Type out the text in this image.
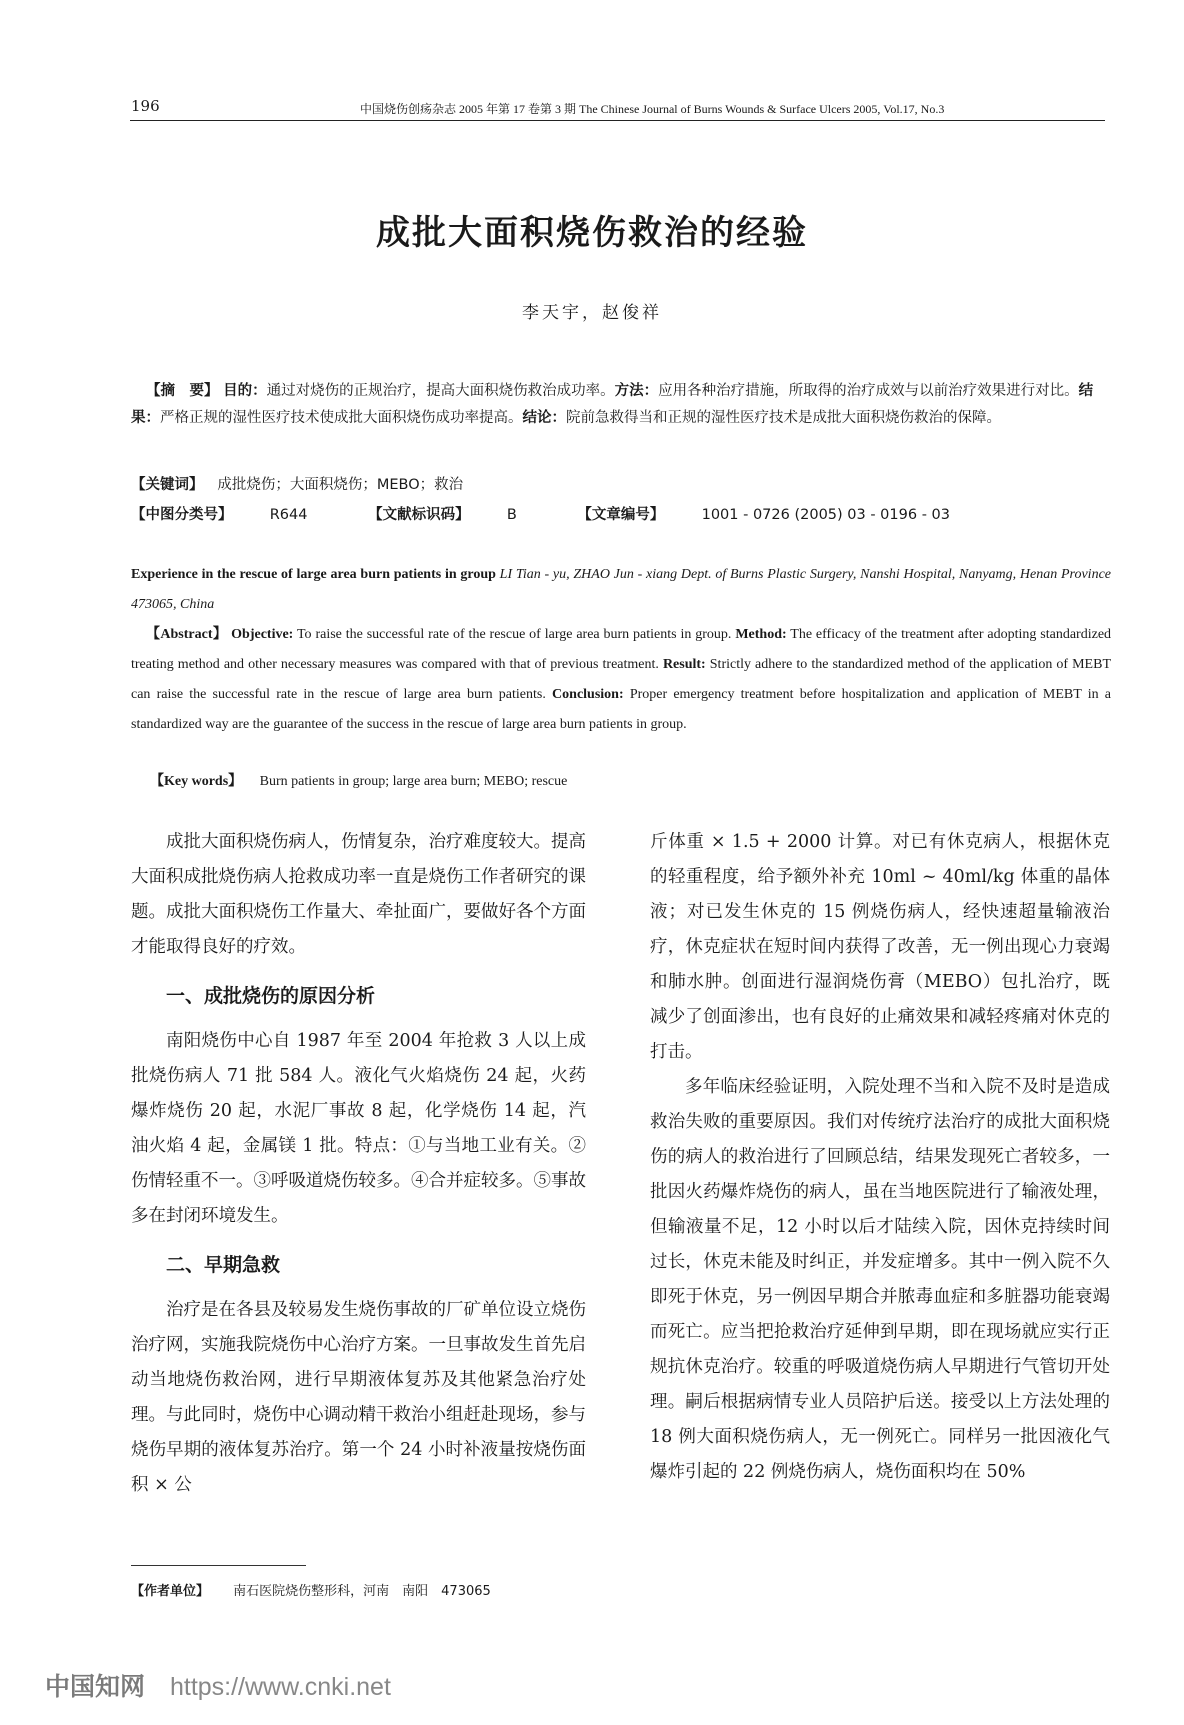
196	中国烧伤创疡杂志 2005 年第 17 卷第 3 期 The Chinese Journal of Burns Wounds & Surface Ulcers 2005, Vol.17, No.3
成批大面积烧伤救治的经验
李天宇，赵俊祥

【摘　要】 目的：通过对烧伤的正规治疗，提高大面积烧伤救治成功率。方法：应用各种治疗措施，所取得的治疗成效与以前治疗效果进行对比。结果：严格正规的湿性医疗技术使成批大面积烧伤成功率提高。结论：院前急救得当和正规的湿性医疗技术是成批大面积烧伤救治的保障。

【关键词】 成批烧伤；大面积烧伤；MEBO；救治
【中图分类号】	R644	【文献标识码】	B	【文章编号】	1001 - 0726 (2005) 03 - 0196 - 03

Experience in the rescue of large area burn patients in group LI Tian - yu, ZHAO Jun - xiang Dept. of Burns Plastic Surgery, Nanshi Hospital, Nanyamg, Henan Province 473065, China

【Abstract】 Objective: To raise the successful rate of the rescue of large area burn patients in group. Method: The efficacy of the treatment after adopting standardized treating method and other necessary measures was compared with that of previous treatment. Result: Strictly adhere to the standardized method of the application of MEBT can raise the successful rate in the rescue of large area burn patients. Conclusion: Proper emergency treatment before hospitalization and application of MEBT in a standardized way are the guarantee of the success in the rescue of large area burn patients in group.

【Key words】 Burn patients in group; large area burn; MEBO; rescue

成批大面积烧伤病人，伤情复杂，治疗难度较大。提高大面积成批烧伤病人抢救成功率一直是烧伤工作者研究的课题。成批大面积烧伤工作量大、牵扯面广，要做好各个方面才能取得良好的疗效。

一、成批烧伤的原因分析

南阳烧伤中心自 1987 年至 2004 年抢救 3 人以上成批烧伤病人 71 批 584 人。液化气火焰烧伤 24 起，火药爆炸烧伤 20 起，水泥厂事故 8 起，化学烧伤 14 起，汽油火焰 4 起，金属镁 1 批。特点：①与当地工业有关。②伤情轻重不一。③呼吸道烧伤较多。④合并症较多。⑤事故多在封闭环境发生。

二、早期急救

治疗是在各县及较易发生烧伤事故的厂矿单位设立烧伤治疗网，实施我院烧伤中心治疗方案。一旦事故发生首先启动当地烧伤救治网，进行早期液体复苏及其他紧急治疗处理。与此同时，烧伤中心调动精干救治小组赶赴现场，参与烧伤早期的液体复苏治疗。第一个 24 小时补液量按烧伤面积 × 公

斤体重 × 1.5 + 2000 计算。对已有休克病人，根据休克的轻重程度，给予额外补充 10ml ~ 40ml/kg 体重的晶体液；对已发生休克的 15 例烧伤病人，经快速超量输液治疗，休克症状在短时间内获得了改善，无一例出现心力衰竭和肺水肿。创面进行湿润烧伤膏（MEBO）包扎治疗，既减少了创面渗出，也有良好的止痛效果和减轻疼痛对休克的打击。

多年临床经验证明，入院处理不当和入院不及时是造成救治失败的重要原因。我们对传统疗法治疗的成批大面积烧伤的病人的救治进行了回顾总结，结果发现死亡者较多，一批因火药爆炸烧伤的病人，虽在当地医院进行了输液处理，但输液量不足，12 小时以后才陆续入院，因休克持续时间过长，休克未能及时纠正，并发症增多。其中一例入院不久即死于休克，另一例因早期合并脓毒血症和多脏器功能衰竭而死亡。应当把抢救治疗延伸到早期，即在现场就应实行正规抗休克治疗。较重的呼吸道烧伤病人早期进行气管切开处理。嗣后根据病情专业人员陪护后送。接受以上方法处理的 18 例大面积烧伤病人，无一例死亡。同样另一批因液化气爆炸引起的 22 例烧伤病人，烧伤面积均在 50%

【作者单位】 南石医院烧伤整形科，河南　南阳　473065
中国知网 https://www.cnki.net
